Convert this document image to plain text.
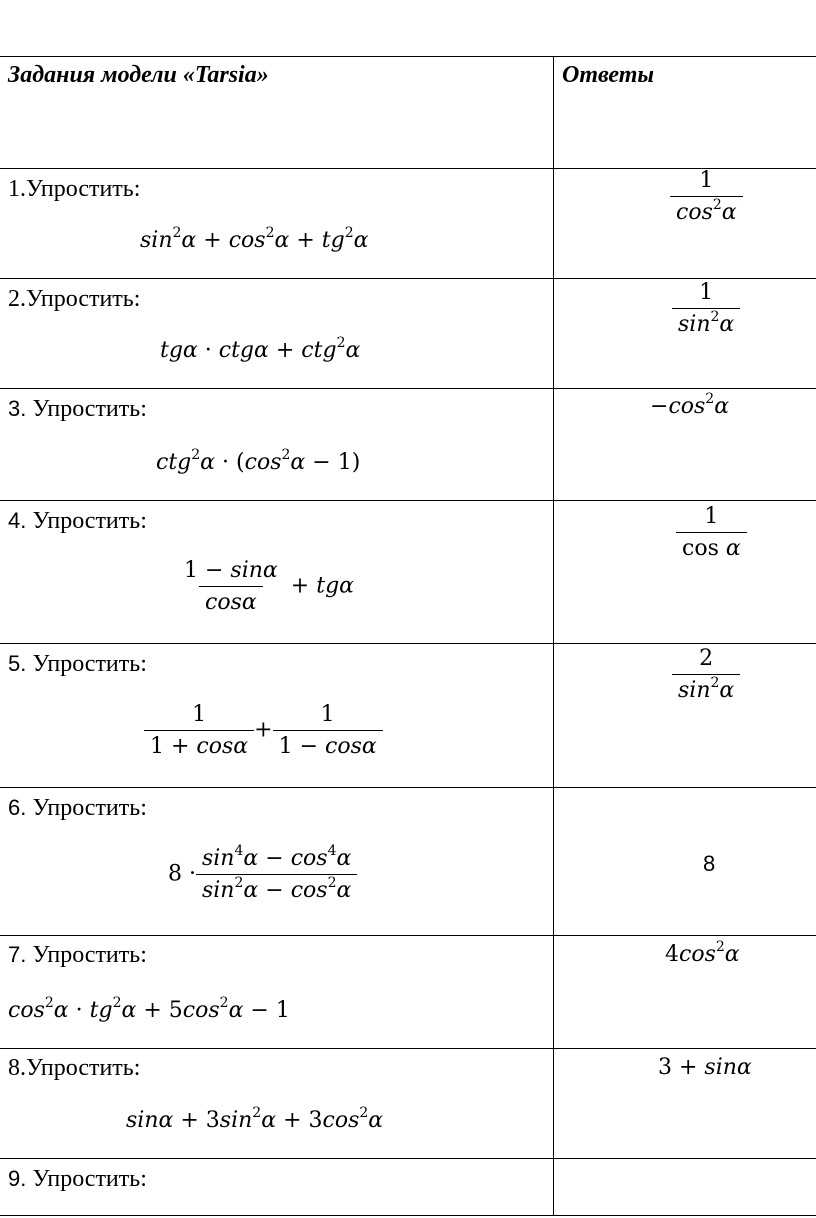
Задания модели «Tarsia»	Ответы
1.Упростить:
$\sin^2\alpha + \cos^2\alpha + tg^2\alpha$
$\frac{1}{\cos^2\alpha}$
2.Упростить:
tgα · ctgα + ctg$^2$α
$\frac{1}{\sin^2\alpha}$
3. Упростить:
$ctg^2\alpha \cdot (\cos^2\alpha - 1)$
$-\cos^2\alpha$
4. Упростить:
$\frac{1 - \sin\alpha}{\cos\alpha} + tg\alpha$
$\frac{1}{\text{cos α}}$
5. Упростить:
$\frac{1}{1 + \cos\alpha} + \frac{1}{1 - \cos\alpha}$
$\frac{2}{\sin^2\alpha}$
6. Упростить:
$8 \cdot \frac{\sin^4\alpha - \cos^4\alpha}{\sin^2\alpha - \cos^2\alpha}$	8
7. Упростить:
$\cos^2\alpha \cdot tg^2\alpha + 5\cos^2\alpha - 1$
$4\cos^2\alpha$
8.Упростить:
$\sin\alpha + 3\sin^2\alpha + 3\cos^2\alpha$
3 + sinα
9. Упростить:
